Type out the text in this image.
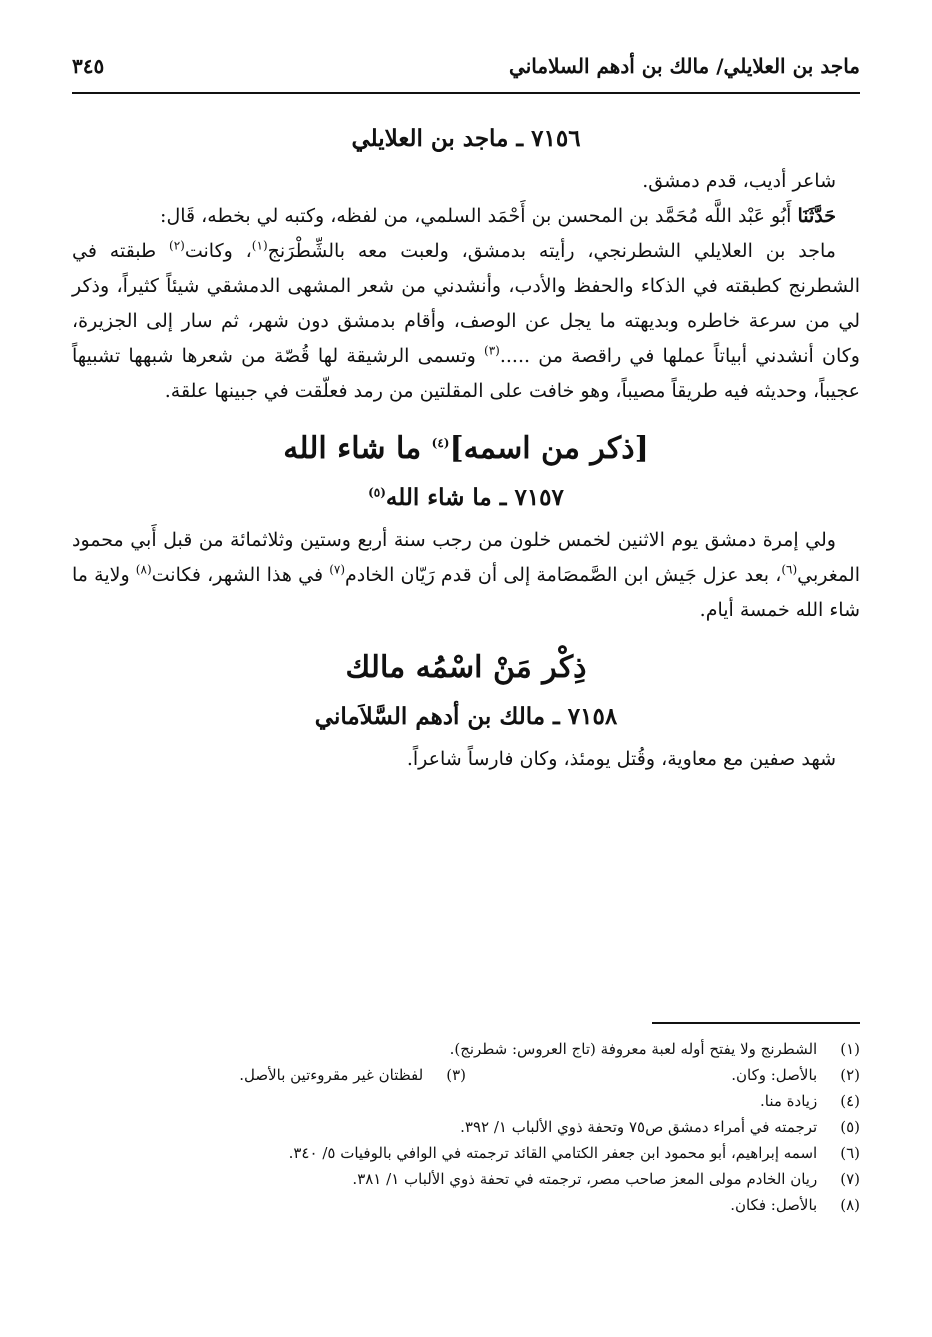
ماجد بن العلايلي/ مالك بن أدهم السلاماني
٣٤٥
٧١٥٦ ـ ماجد بن العلايلي

شاعر أديب، قدم دمشق.

حَدَّثَنَا أَبُو عَبْد اللَّه مُحَمَّد بن المحسن بن أَحْمَد السلمي، من لفظه، وكتبه لي بخطه، قَال:

ماجد بن العلايلي الشطرنجي، رأيته بدمشق، ولعبت معه بالشِّطْرَنج$^{(١)}$، وكانت$^{(٢)}$ طبقته في الشطرنج كطبقته في الذكاء والحفظ والأدب، وأنشدني من شعر المشهى الدمشقي شيئاً كثيراً، وذكر لي من سرعة خاطره وبديهته ما يجل عن الوصف، وأقام بدمشق دون شهر، ثم سار إلى الجزيرة، وكان أنشدني أبياتاً عملها في راقصة من .....$^{(٣)}$ وتسمى الرشيقة لها قُصّة من شعرها شبهها تشبيهاً عجيباً، وحديثه فيه طريقاً مصيباً، وهو خافت على المقلتين من رمد فعلّقت في جبينها علقة.

[ذكر من اسمه]$^{(٤)}$ ما شاء الله
٧١٥٧ ـ ما شاء الله$^{(٥)}$

ولي إمرة دمشق يوم الاثنين لخمس خلون من رجب سنة أربع وستين وثلاثمائة من قبل أَبي محمود المغربي$^{(٦)}$، بعد عزل جَيش ابن الصَّمصَامة إلى أن قدم رَيّان الخادم$^{(٧)}$ في هذا الشهر، فكانت$^{(٨)}$ ولاية ما شاء الله خمسة أيام.

ذِكْر مَنْ اسْمُه مالك
٧١٥٨ ـ مالك بن أدهم السَّلاَماني

شهد صفين مع معاوية، وقُتل يومئذ، وكان فارساً شاعراً.

(١)

الشطرنج ولا يفتح أوله لعبة معروفة (تاج العروس: شطرنج).
(٢)

بالأصل: وكان.
(٣)

لفظتان غير مقروءتين بالأصل.
(٤)

زيادة منا.
(٥)

ترجمته في أمراء دمشق ص٧٥ وتحفة ذوي الألباب ١/ ٣٩٢.
(٦)

اسمه إبراهيم، أبو محمود ابن جعفر الكتامي القائد ترجمته في الوافي بالوفيات ٥/ ٣٤٠.
(٧)

ريان الخادم مولى المعز صاحب مصر، ترجمته في تحفة ذوي الألباب ١/ ٣٨١.
(٨)

بالأصل: فكان.
